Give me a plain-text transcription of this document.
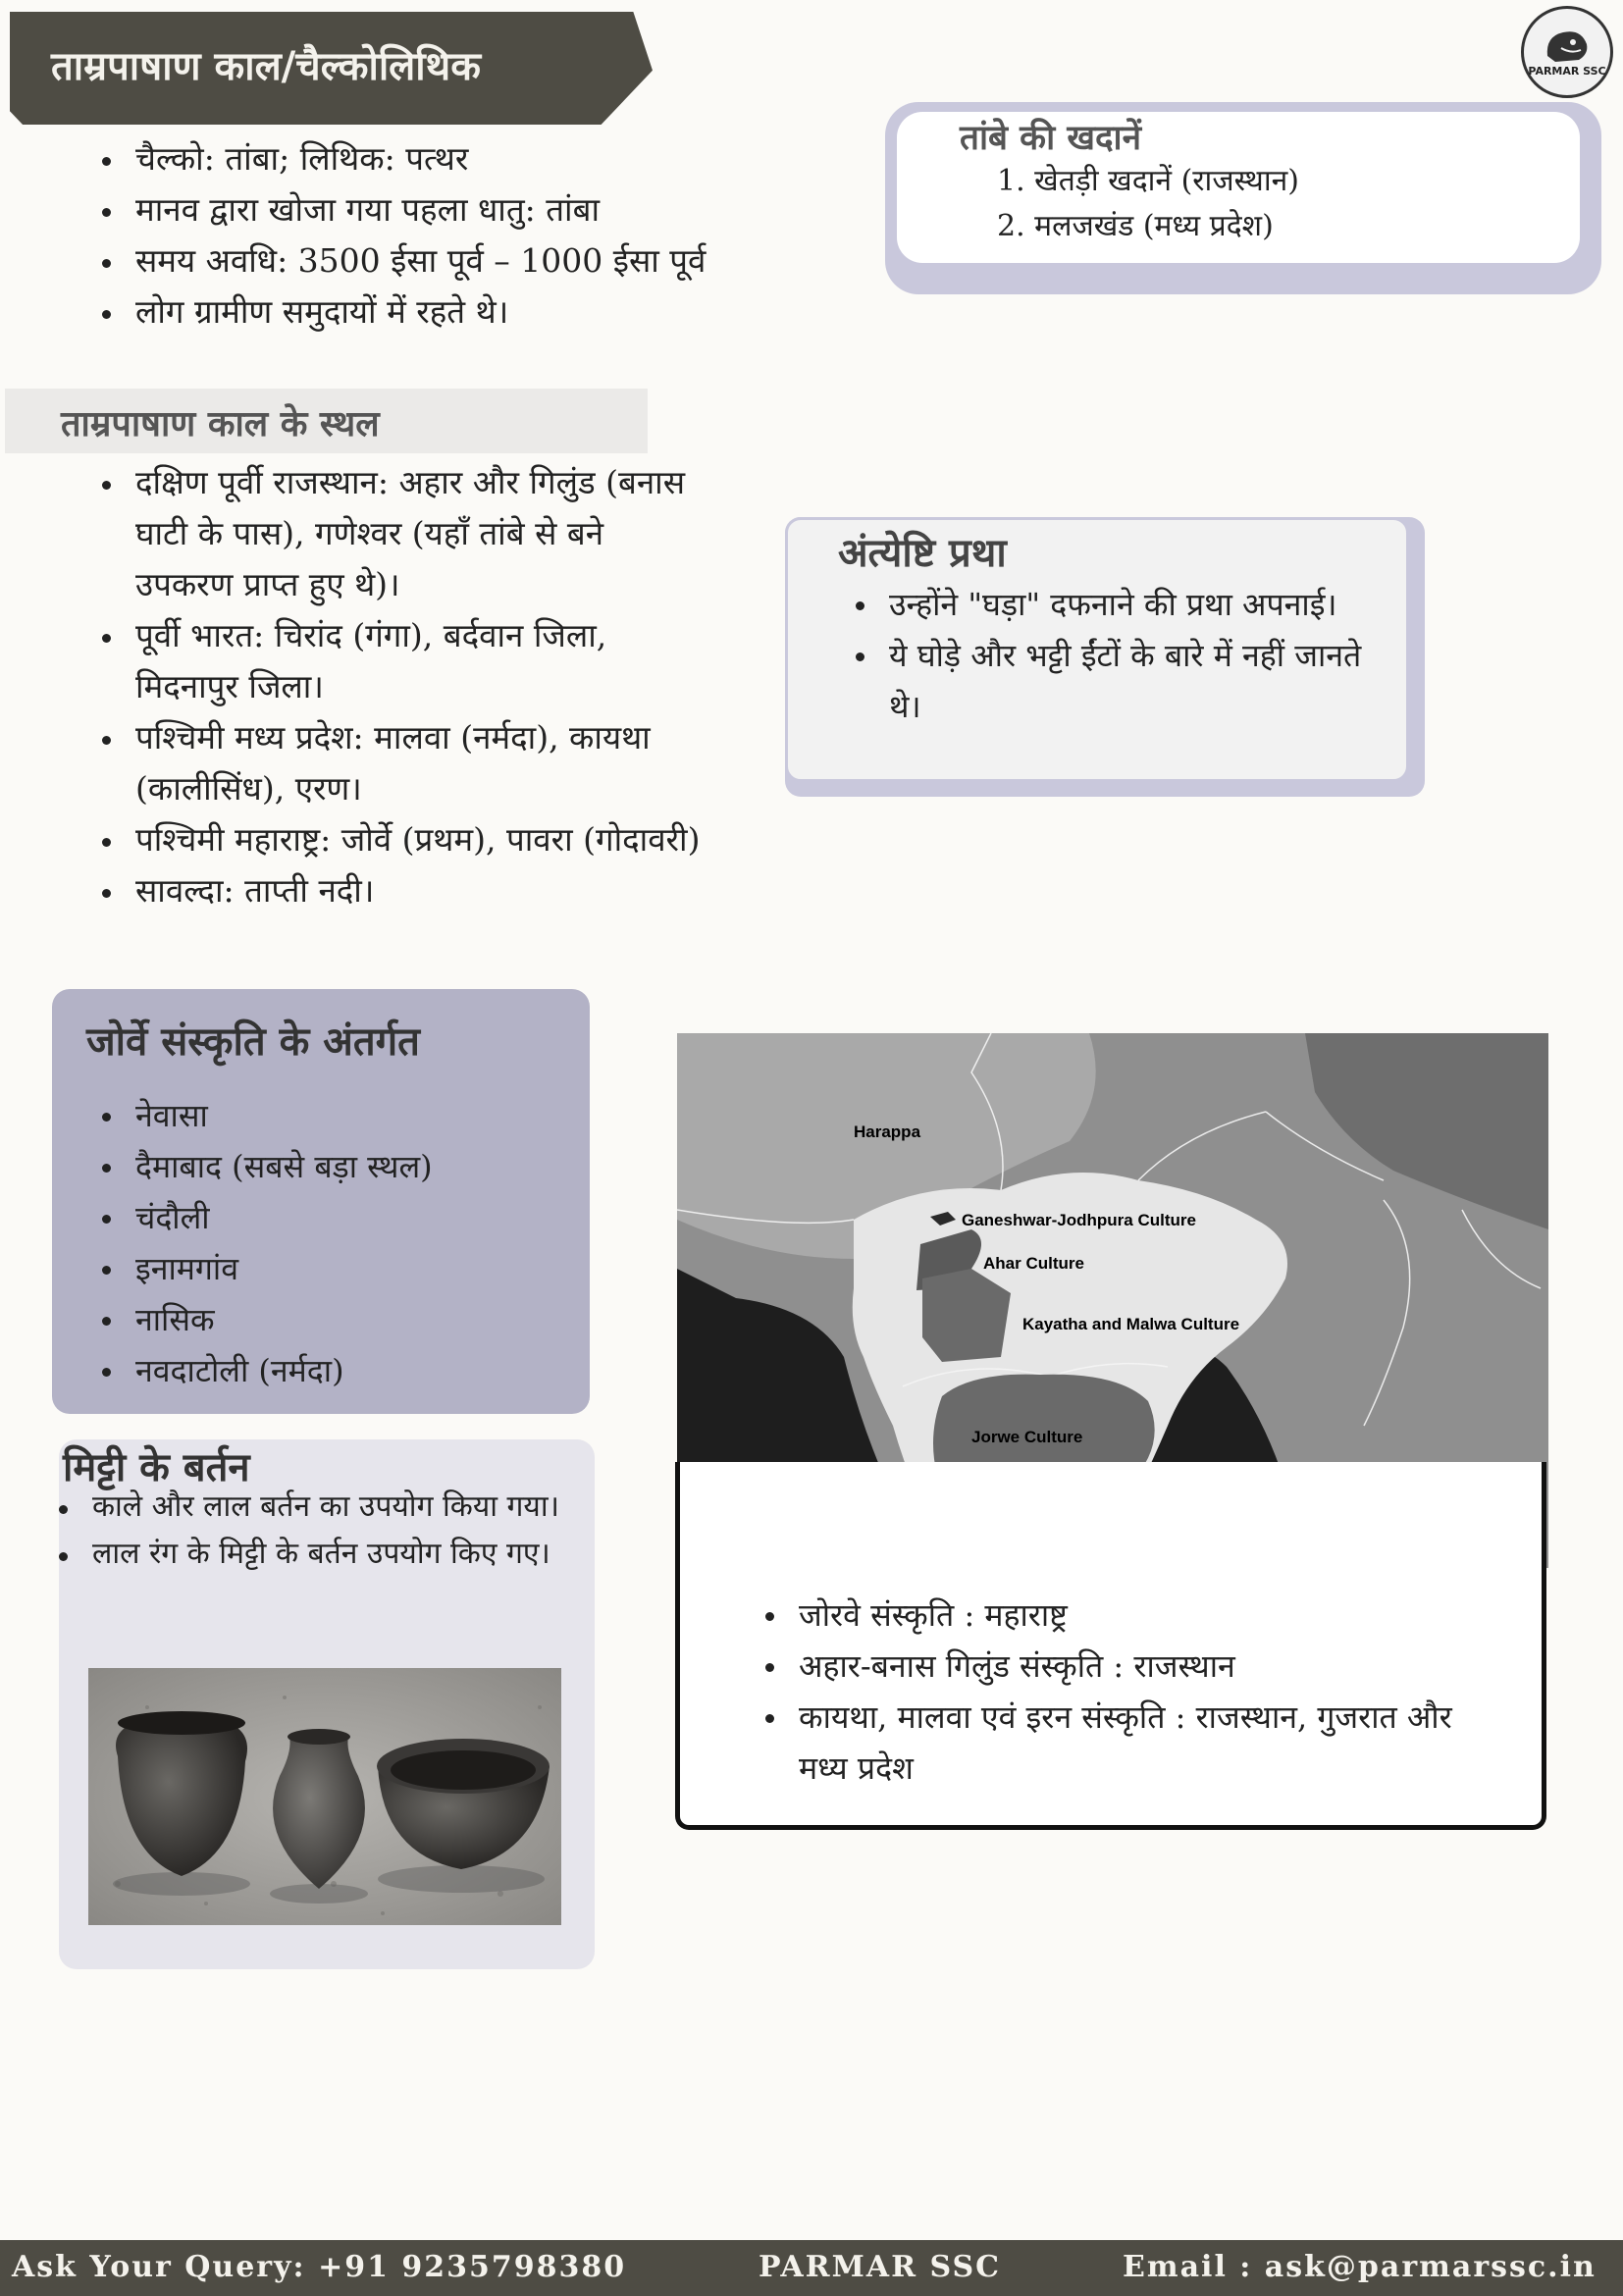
ताम्रपाषाण काल/चैल्कोलिथिक	PARMAR SSC
चैल्को: तांबा; लिथिक: पत्थर
मानव द्वारा खोजा गया पहला धातु: तांबा
समय अवधि: 3500 ईसा पूर्व – 1000 ईसा पूर्व
लोग ग्रामीण समुदायों में रहते थे।
तांबे की खदानें
1. खेतड़ी खदानें (राजस्थान)
2. मलजखंड (मध्य प्रदेश)
ताम्रपाषाण काल के स्थल
दक्षिण पूर्वी राजस्थान: अहार और गिलुंड (बनास घाटी के पास), गणेश्वर (यहाँ तांबे से बने उपकरण प्राप्त हुए थे)।
पूर्वी भारत: चिरांद (गंगा), बर्दवान जिला, मिदनापुर जिला।
पश्चिमी मध्य प्रदेश: मालवा (नर्मदा), कायथा (कालीसिंध), एरण।
पश्चिमी महाराष्ट्र: जोर्वे (प्रथम), पावरा (गोदावरी)
सावल्दा: ताप्ती नदी।
अंत्येष्टि प्रथा
उन्होंने "घड़ा" दफनाने की प्रथा अपनाई।
ये घोड़े और भट्टी ईंटों के बारे में नहीं जानते थे।
जोर्वे संस्कृति के अंतर्गत
नेवासा
दैमाबाद (सबसे बड़ा स्थल)
चंदौली
इनामगांव
नासिक
नवदाटोली (नर्मदा)
मिट्टी के बर्तन
काले और लाल बर्तन का उपयोग किया गया।
लाल रंग के मिट्टी के बर्तन उपयोग किए गए।
Harappa
Ganeshwar-Jodhpura Culture
Ahar Culture
Kayatha and Malwa Culture
Jorwe Culture
जोरवे संस्कृति : महाराष्ट्र
अहार-बनास गिलुंड संस्कृति : राजस्थान
कायथा, मालवा एवं इरन संस्कृति : राजस्थान, गुजरात और मध्य प्रदेश
Ask Your Query: +91 9235798380	PARMAR SSC	Email : ask@parmarssc.in
